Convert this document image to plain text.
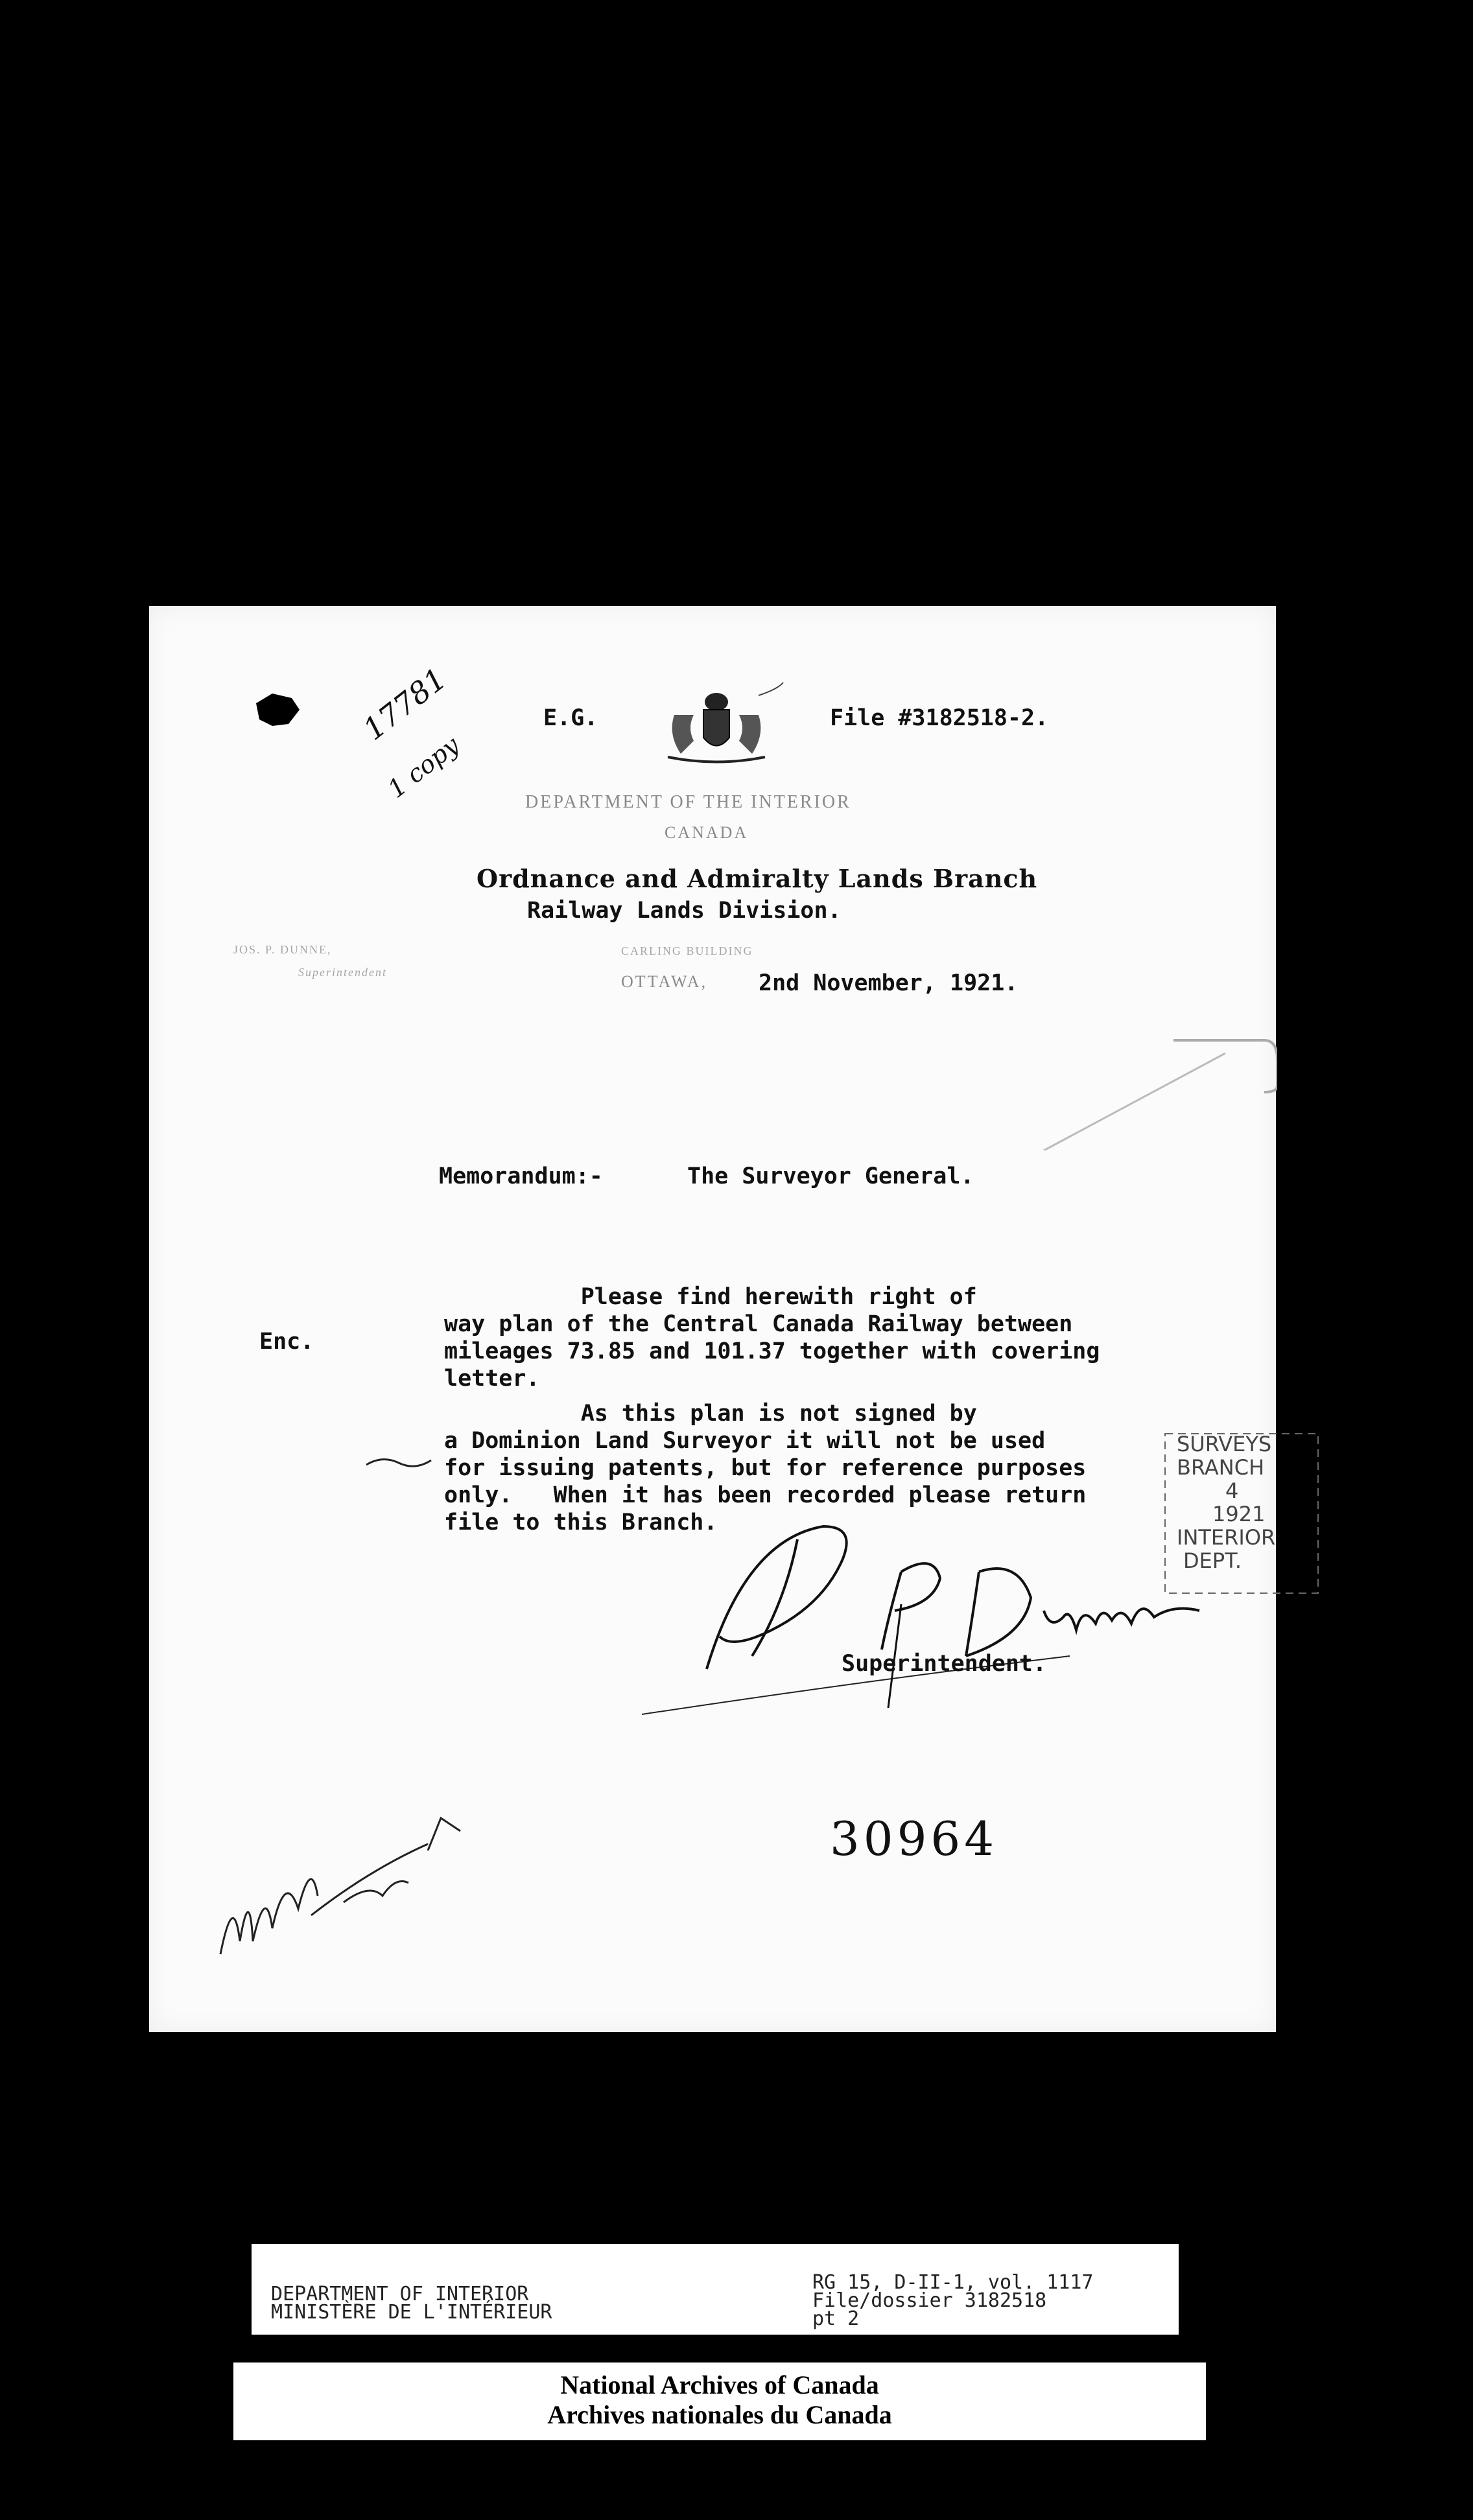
17781
1 copy
E.G.	File #3182518-2.
DEPARTMENT OF THE INTERIOR
CANADA
Ordnance and Admiralty Lands Branch
Railway Lands Division.
JOS. P. DUNNE,
Superintendent
CARLING BUILDING
OTTAWA, 2nd November, 1921.
SURVEYS
BRANCH
4
1921
INTERIOR
DEPT.
Memorandum:-	The Surveyor General.
Enc.
Please find herewith right of
way plan of the Central Canada Railway between
mileages 73.85 and 101.37 together with covering
letter.
As this plan is not signed by
a Dominion Land Surveyor it will not be used
for issuing patents, but for reference purposes
only.   When it has been recorded please return
file to this Branch.
Superintendent.
30964
DEPARTMENT OF INTERIOR
MINISTÈRE DE L'INTÉRIEUR
RG 15, D-II-1, vol. 1117
File/dossier 3182518
pt 2
National Archives of Canada
Archives nationales du Canada
